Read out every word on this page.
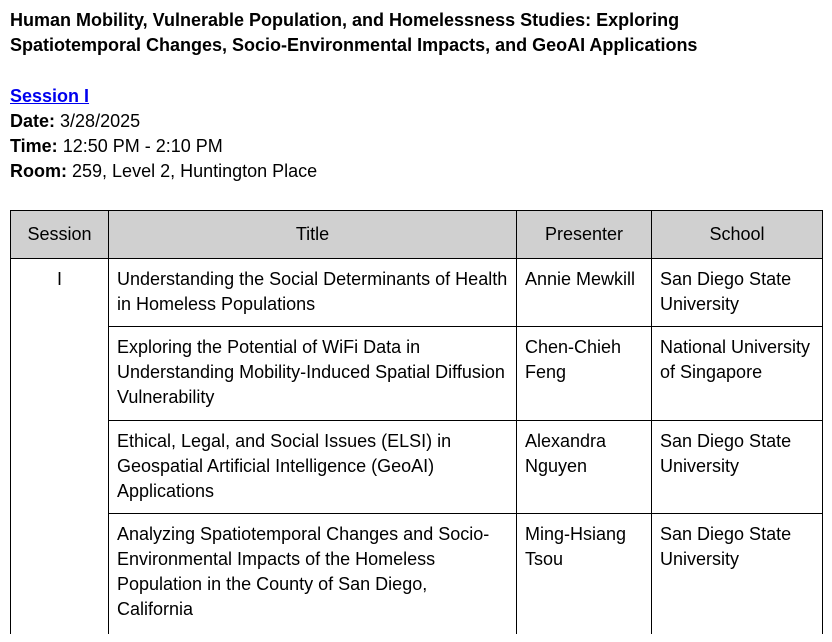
Human Mobility, Vulnerable Population, and Homelessness Studies: Exploring
Spatiotemporal Changes, Socio-Environmental Impacts, and GeoAI Applications
Session I
Date: 3/28/2025
Time: 12:50 PM - 2:10 PM
Room: 259, Level 2, Huntington Place
Session	Title	Presenter	School
I	Understanding the Social Determinants of Health in Homeless Populations	Annie Mewkill	San Diego State University
	Exploring the Potential of WiFi Data in Understanding Mobility-Induced Spatial Diffusion Vulnerability	Chen-Chieh Feng	National University of Singapore
	Ethical, Legal, and Social Issues (ELSI) in Geospatial Artificial Intelligence (GeoAI) Applications	Alexandra Nguyen	San Diego State University
	Analyzing Spatiotemporal Changes and Socio-Environmental Impacts of the Homeless Population in the County of San Diego, California	Ming-Hsiang Tsou	San Diego State University
